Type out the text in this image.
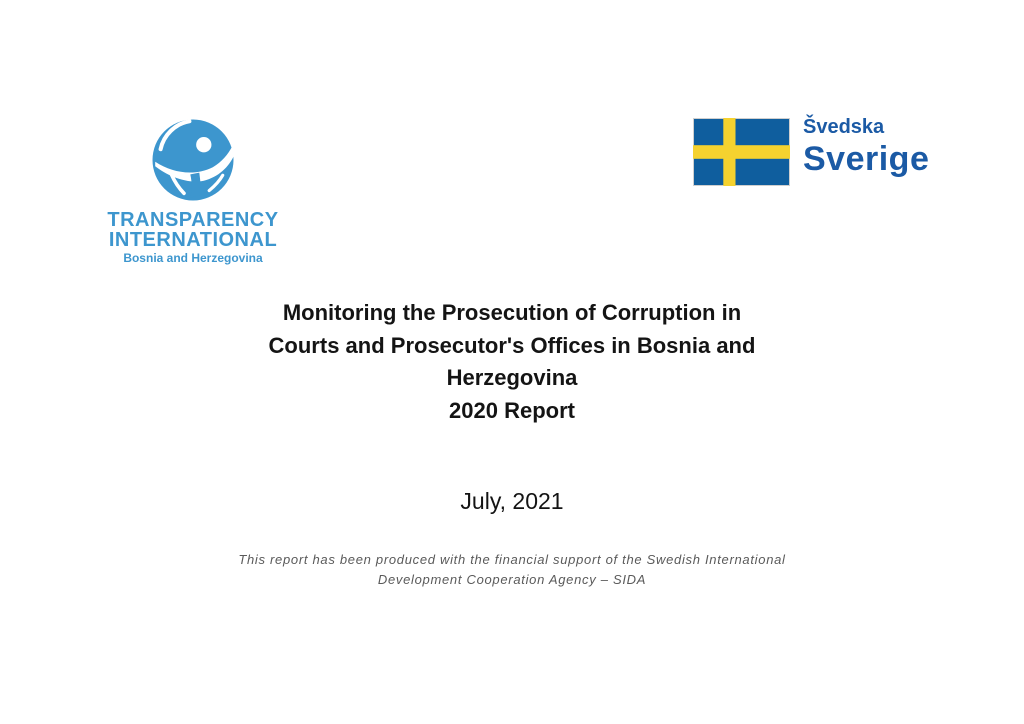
TRANSPARENCY
INTERNATIONAL
Bosnia and Herzegovina
Švedska
Sverige
Monitoring the Prosecution of Corruption in
Courts and Prosecutor's Offices in Bosnia and
Herzegovina
2020 Report
July, 2021
This report has been produced with the financial support of the Swedish International
Development Cooperation Agency – SIDA
